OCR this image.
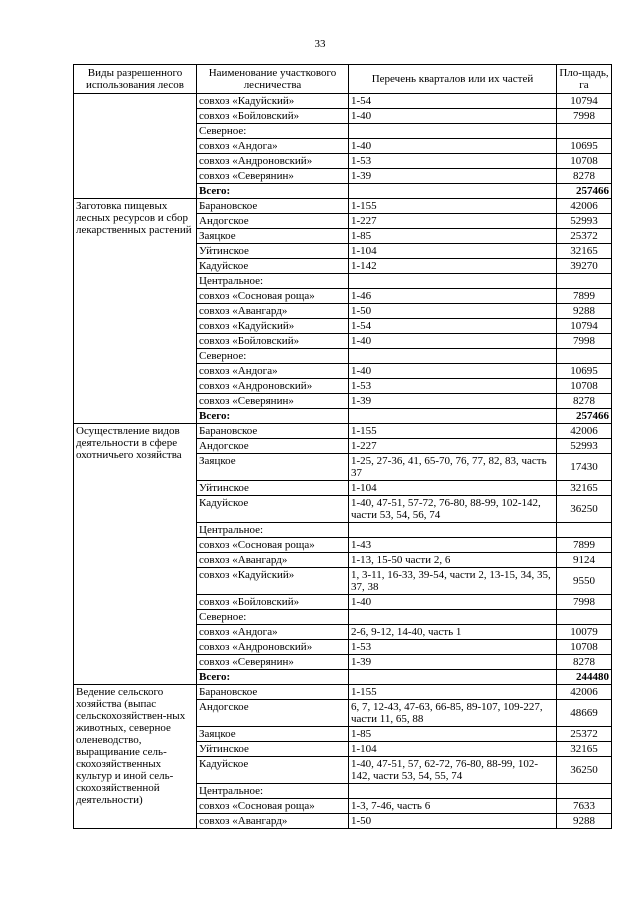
33
Виды разрешенного использования лесов	Наименование участкового лесничества	Перечень кварталов или их частей	Пло-щадь, га
	совхоз «Кадуйский»	1-54	10794
	совхоз «Бойловский»	1-40	7998
	Северное:		
	совхоз «Андога»	1-40	10695
	совхоз «Андроновский»	1-53	10708
	совхоз «Северянин»	1-39	8278
	Всего:		257466
Заготовка пищевых лесных ресурсов и сбор лекарственных растений	Барановское	1-155	42006
	Андогское	1-227	52993
	Заяцкое	1-85	25372
	Уйтинское	1-104	32165
	Кадуйское	1-142	39270
	Центральное:		
	совхоз «Сосновая роща»	1-46	7899
	совхоз «Авангард»	1-50	9288
	совхоз «Кадуйский»	1-54	10794
	совхоз «Бойловский»	1-40	7998
	Северное:		
	совхоз «Андога»	1-40	10695
	совхоз «Андроновский»	1-53	10708
	совхоз «Северянин»	1-39	8278
	Всего:		257466
Осуществление видов деятельности в сфере охотничьего хозяйства	Барановское	1-155	42006
	Андогское	1-227	52993
	Заяцкое	1-25, 27-36, 41, 65-70, 76, 77, 82, 83, часть 37	17430
	Уйтинское	1-104	32165
	Кадуйское	1-40, 47-51, 57-72, 76-80, 88-99, 102-142, части 53, 54, 56, 74	36250
	Центральное:		
	совхоз «Сосновая роща»	1-43	7899
	совхоз «Авангард»	1-13, 15-50 части 2, 6	9124
	совхоз «Кадуйский»	1, 3-11, 16-33, 39-54, части 2, 13-15, 34, 35, 37, 38	9550
	совхоз «Бойловский»	1-40	7998
	Северное:		
	совхоз «Андога»	2-6, 9-12, 14-40, часть 1	10079
	совхоз «Андроновский»	1-53	10708
	совхоз «Северянин»	1-39	8278
	Всего:		244480
Ведение сельского хозяйства (выпас сельскохозяйствен-ных животных, северное оленеводство, выращивание сель-скохозяйственных культур и иной сель-скохозяйственной деятельности)	Барановское	1-155	42006
	Андогское	6, 7, 12-43, 47-63, 66-85, 89-107, 109-227, части 11, 65, 88	48669
	Заяцкое	1-85	25372
	Уйтинское	1-104	32165
	Кадуйское	1-40, 47-51, 57, 62-72, 76-80, 88-99, 102-142, части 53, 54, 55, 74	36250
	Центральное:		
	совхоз «Сосновая роща»	1-3, 7-46, часть 6	7633
	совхоз «Авангард»	1-50	9288
